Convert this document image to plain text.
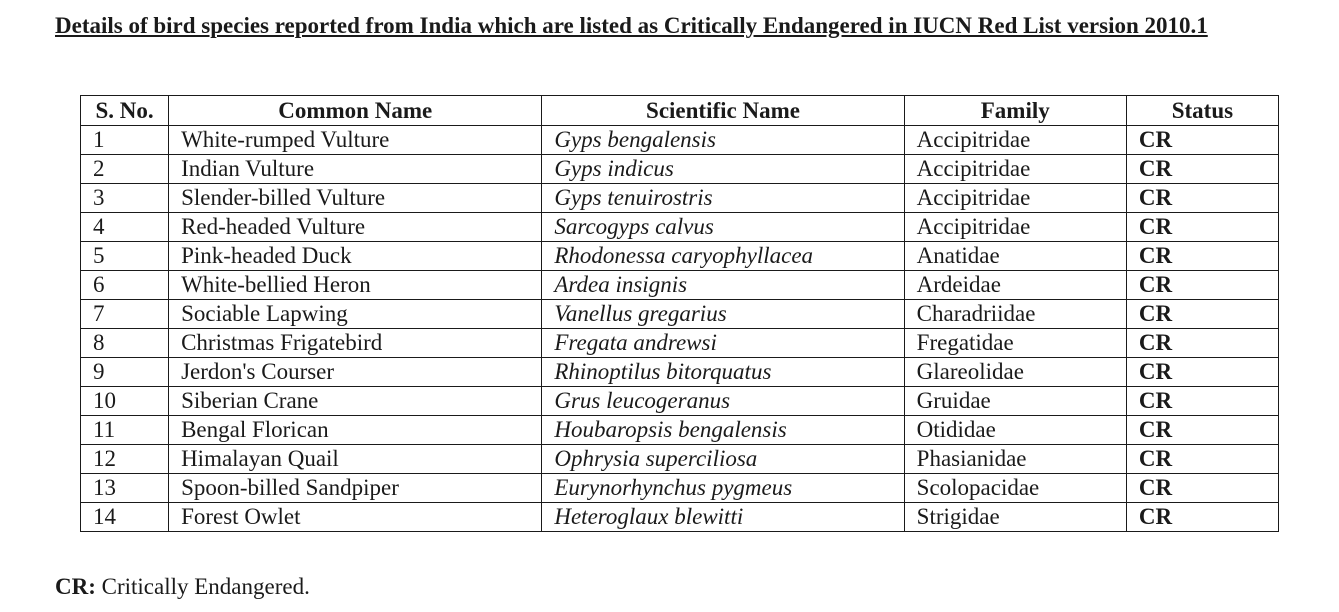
Details of bird species reported from India which are listed as Critically Endangered in IUCN Red List version 2010.1
S. No.	Common Name	Scientific Name	Family	Status
1	White-rumped Vulture	Gyps bengalensis	Accipitridae	CR
2	Indian Vulture	Gyps indicus	Accipitridae	CR
3	Slender-billed Vulture	Gyps tenuirostris	Accipitridae	CR
4	Red-headed Vulture	Sarcogyps calvus	Accipitridae	CR
5	Pink-headed Duck	Rhodonessa caryophyllacea	Anatidae	CR
6	White-bellied Heron	Ardea insignis	Ardeidae	CR
7	Sociable Lapwing	Vanellus gregarius	Charadriidae	CR
8	Christmas Frigatebird	Fregata andrewsi	Fregatidae	CR
9	Jerdon's Courser	Rhinoptilus bitorquatus	Glareolidae	CR
10	Siberian Crane	Grus leucogeranus	Gruidae	CR
11	Bengal Florican	Houbaropsis bengalensis	Otididae	CR
12	Himalayan Quail	Ophrysia superciliosa	Phasianidae	CR
13	Spoon-billed Sandpiper	Eurynorhynchus pygmeus	Scolopacidae	CR
14	Forest Owlet	Heteroglaux blewitti	Strigidae	CR

CR: Critically Endangered.
